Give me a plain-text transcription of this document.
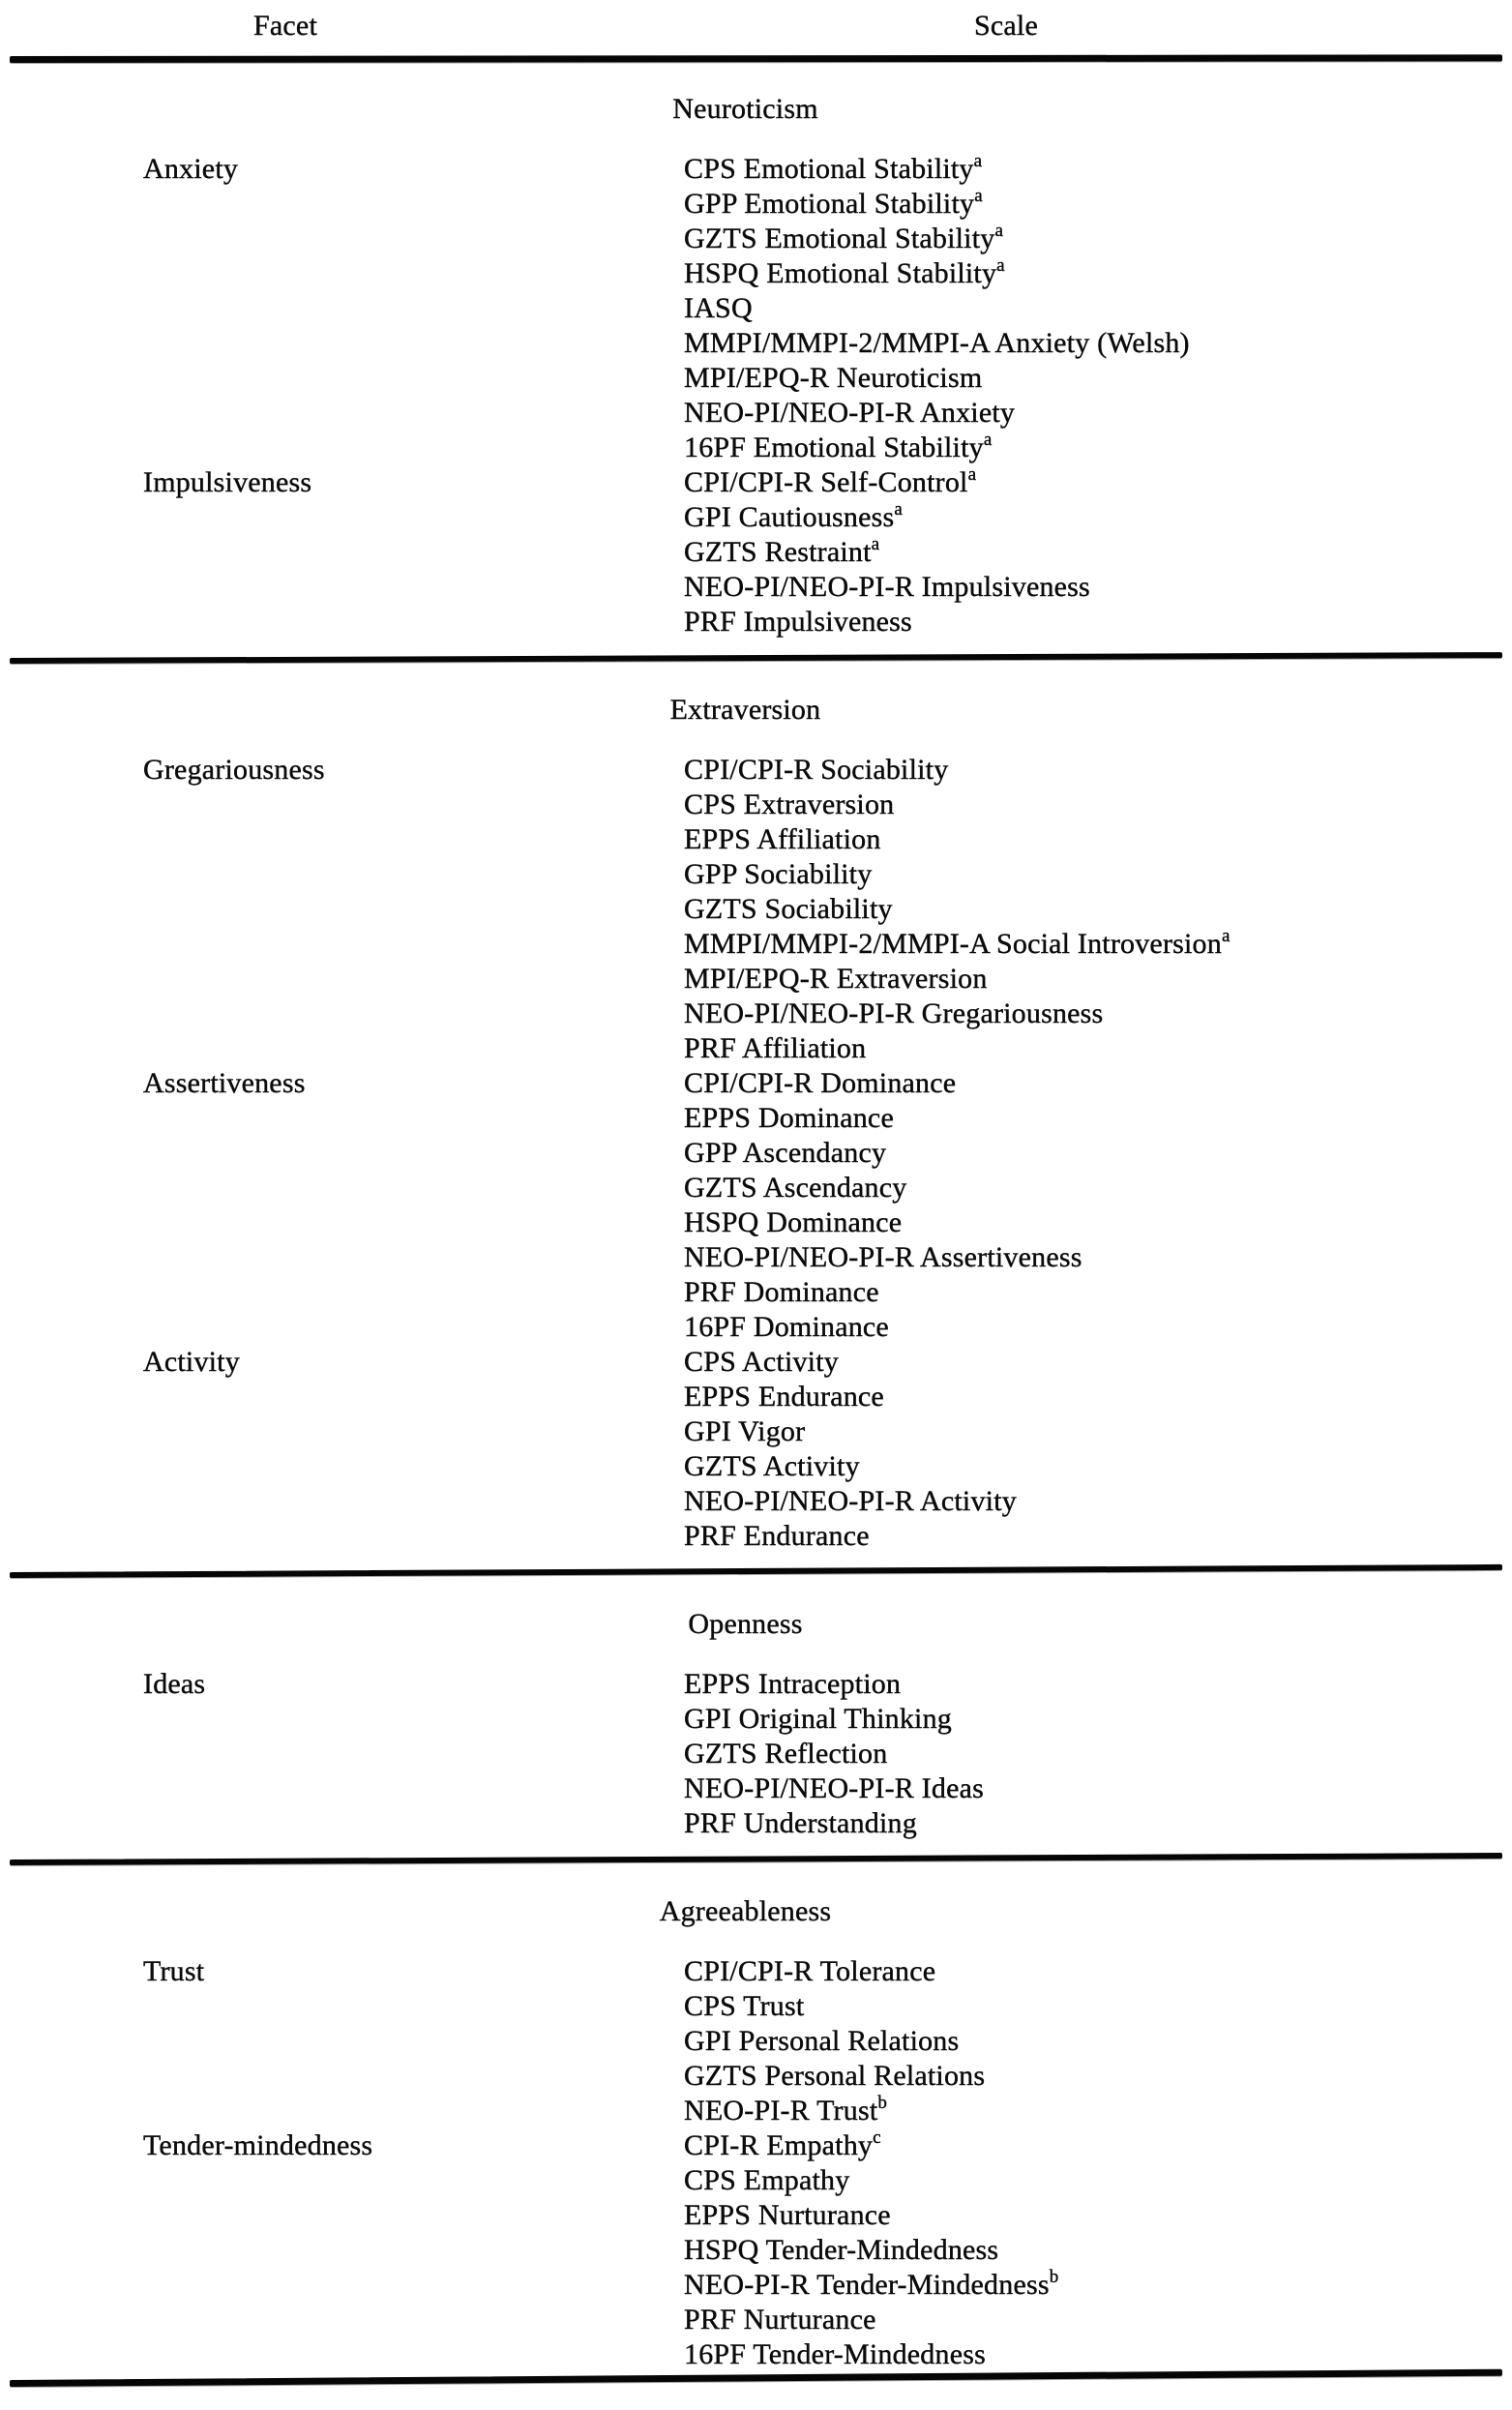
Facet	Scale
Neuroticism
Anxiety	CPS Emotional Stability$^a$
GPP Emotional Stability$^a$
GZTS Emotional Stability$^a$
HSPQ Emotional Stability$^a$
IASQ
MMPI/MMPI-2/MMPI-A Anxiety (Welsh)
MPI/EPQ-R Neuroticism
NEO-PI/NEO-PI-R Anxiety
16PF Emotional Stability$^a$
Impulsiveness	CPI/CPI-R Self-Control$^a$
GPI Cautiousness$^a$
GZTS Restraint$^a$
NEO-PI/NEO-PI-R Impulsiveness
PRF Impulsiveness
Extraversion
Gregariousness	CPI/CPI-R Sociability
CPS Extraversion
EPPS Affiliation
GPP Sociability
GZTS Sociability
MMPI/MMPI-2/MMPI-A Social Introversion$^a$
MPI/EPQ-R Extraversion
NEO-PI/NEO-PI-R Gregariousness
PRF Affiliation
Assertiveness	CPI/CPI-R Dominance
EPPS Dominance
GPP Ascendancy
GZTS Ascendancy
HSPQ Dominance
NEO-PI/NEO-PI-R Assertiveness
PRF Dominance
16PF Dominance
Activity	CPS Activity
EPPS Endurance
GPI Vigor
GZTS Activity
NEO-PI/NEO-PI-R Activity
PRF Endurance
Openness
Ideas	EPPS Intraception
GPI Original Thinking
GZTS Reflection
NEO-PI/NEO-PI-R Ideas
PRF Understanding
Agreeableness
Trust	CPI/CPI-R Tolerance
CPS Trust
GPI Personal Relations
GZTS Personal Relations
NEO-PI-R Trust$^b$
Tender-mindedness	CPI-R Empathy$^c$
CPS Empathy
EPPS Nurturance
HSPQ Tender-Mindedness
NEO-PI-R Tender-Mindedness$^b$
PRF Nurturance
16PF Tender-Mindedness
